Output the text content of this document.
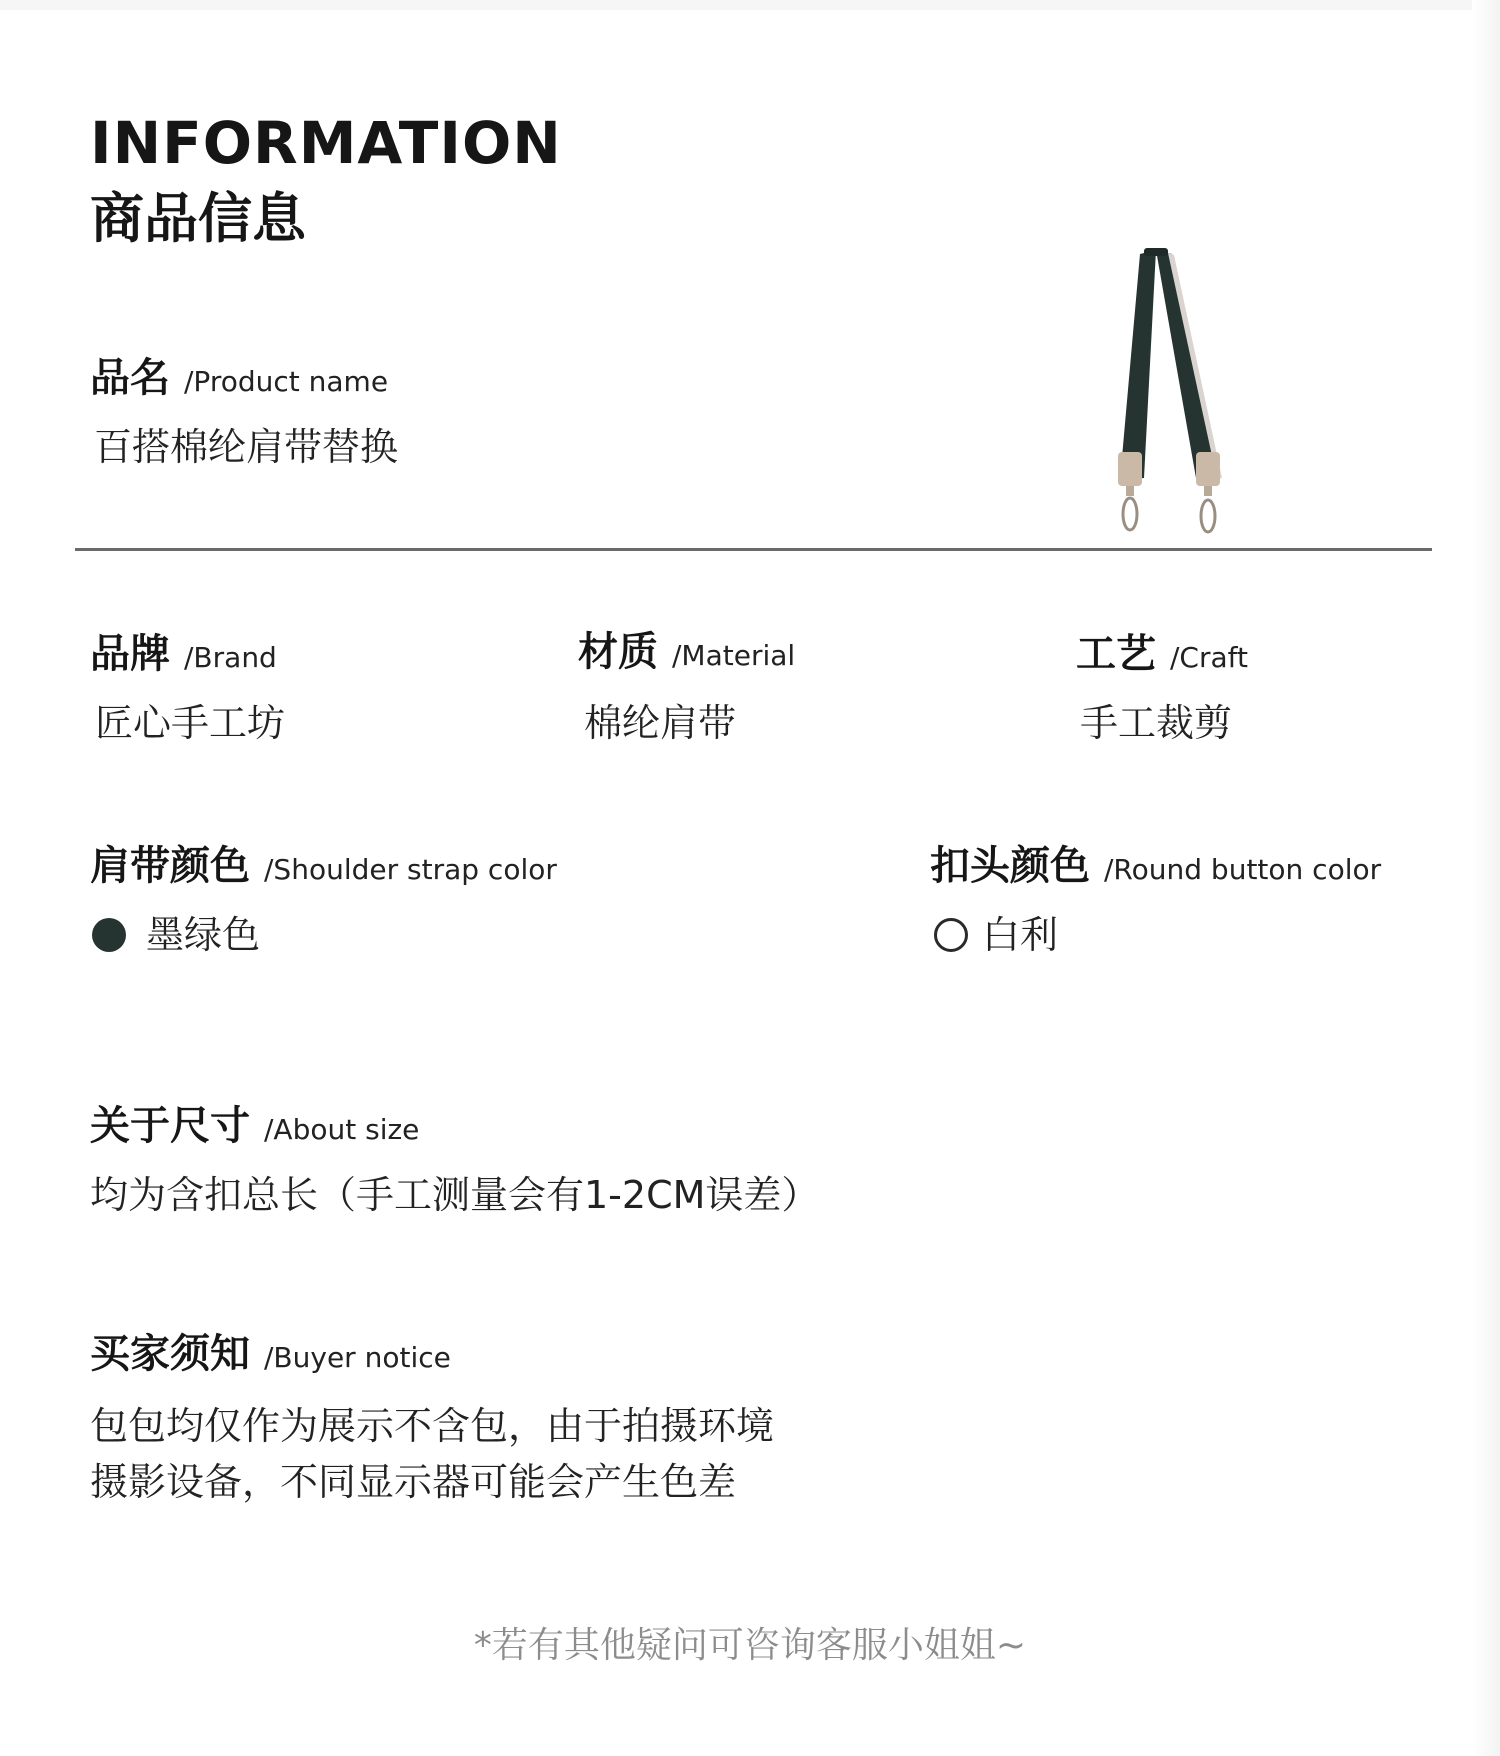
INFORMATION
商品信息
品名 /Product name
百搭棉纶肩带替换
品牌 /Brand
匠心手工坊
材质 /Material
棉纶肩带
工艺 /Craft
手工裁剪
肩带颜色 /Shoulder strap color
墨绿色
扣头颜色 /Round button color
白利
关于尺寸 /About size
均为含扣总长（手工测量会有1-2CM误差）
买家须知 /Buyer notice
包包均仅作为展示不含包，由于拍摄环境
摄影设备，不同显示器可能会产生色差
*若有其他疑问可咨询客服小姐姐~
